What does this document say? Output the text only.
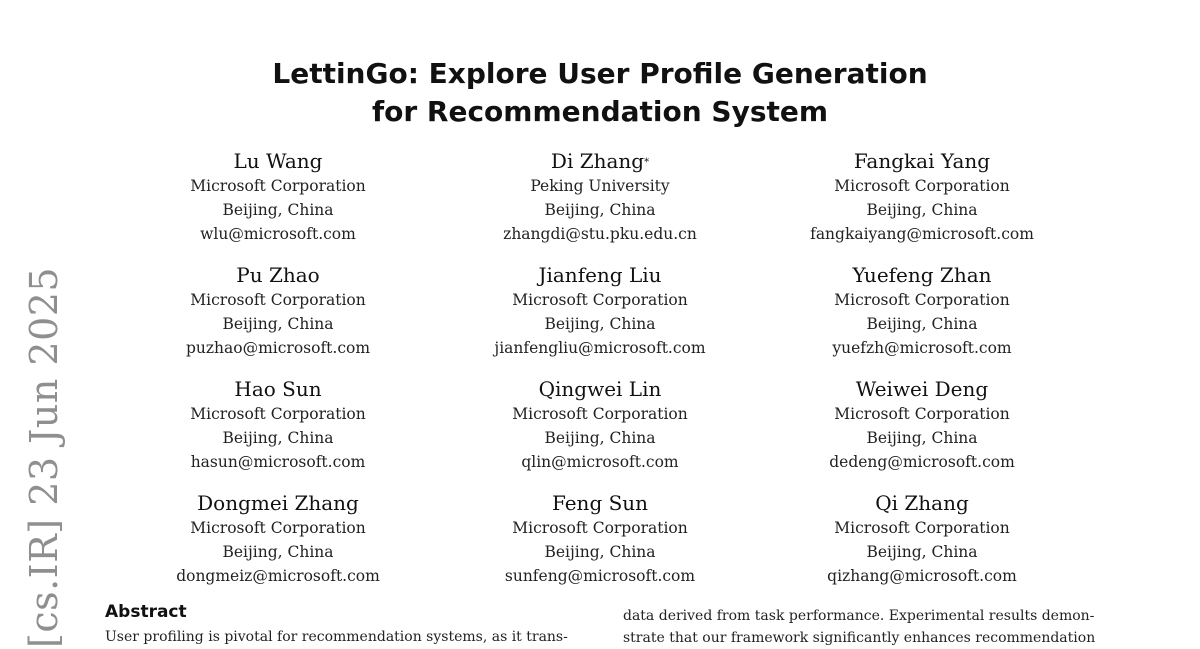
LettinGo: Explore User Profile Generation
for Recommendation System
Lu Wang
Microsoft Corporation
Beijing, China
wlu@microsoft.com
Di Zhang*
Peking University
Beijing, China
zhangdi@stu.pku.edu.cn
Fangkai Yang
Microsoft Corporation
Beijing, China
fangkaiyang@microsoft.com
Pu Zhao
Microsoft Corporation
Beijing, China
puzhao@microsoft.com
Jianfeng Liu
Microsoft Corporation
Beijing, China
jianfengliu@microsoft.com
Yuefeng Zhan
Microsoft Corporation
Beijing, China
yuefzh@microsoft.com
Hao Sun
Microsoft Corporation
Beijing, China
hasun@microsoft.com
Qingwei Lin
Microsoft Corporation
Beijing, China
qlin@microsoft.com
Weiwei Deng
Microsoft Corporation
Beijing, China
dedeng@microsoft.com
Dongmei Zhang
Microsoft Corporation
Beijing, China
dongmeiz@microsoft.com
Feng Sun
Microsoft Corporation
Beijing, China
sunfeng@microsoft.com
Qi Zhang
Microsoft Corporation
Beijing, China
qizhang@microsoft.com
[cs.IR] 23 Jun 2025 Abstract
User profiling is pivotal for recommendation systems, as it trans-
data derived from task performance. Experimental results demon-
strate that our framework significantly enhances recommendation
